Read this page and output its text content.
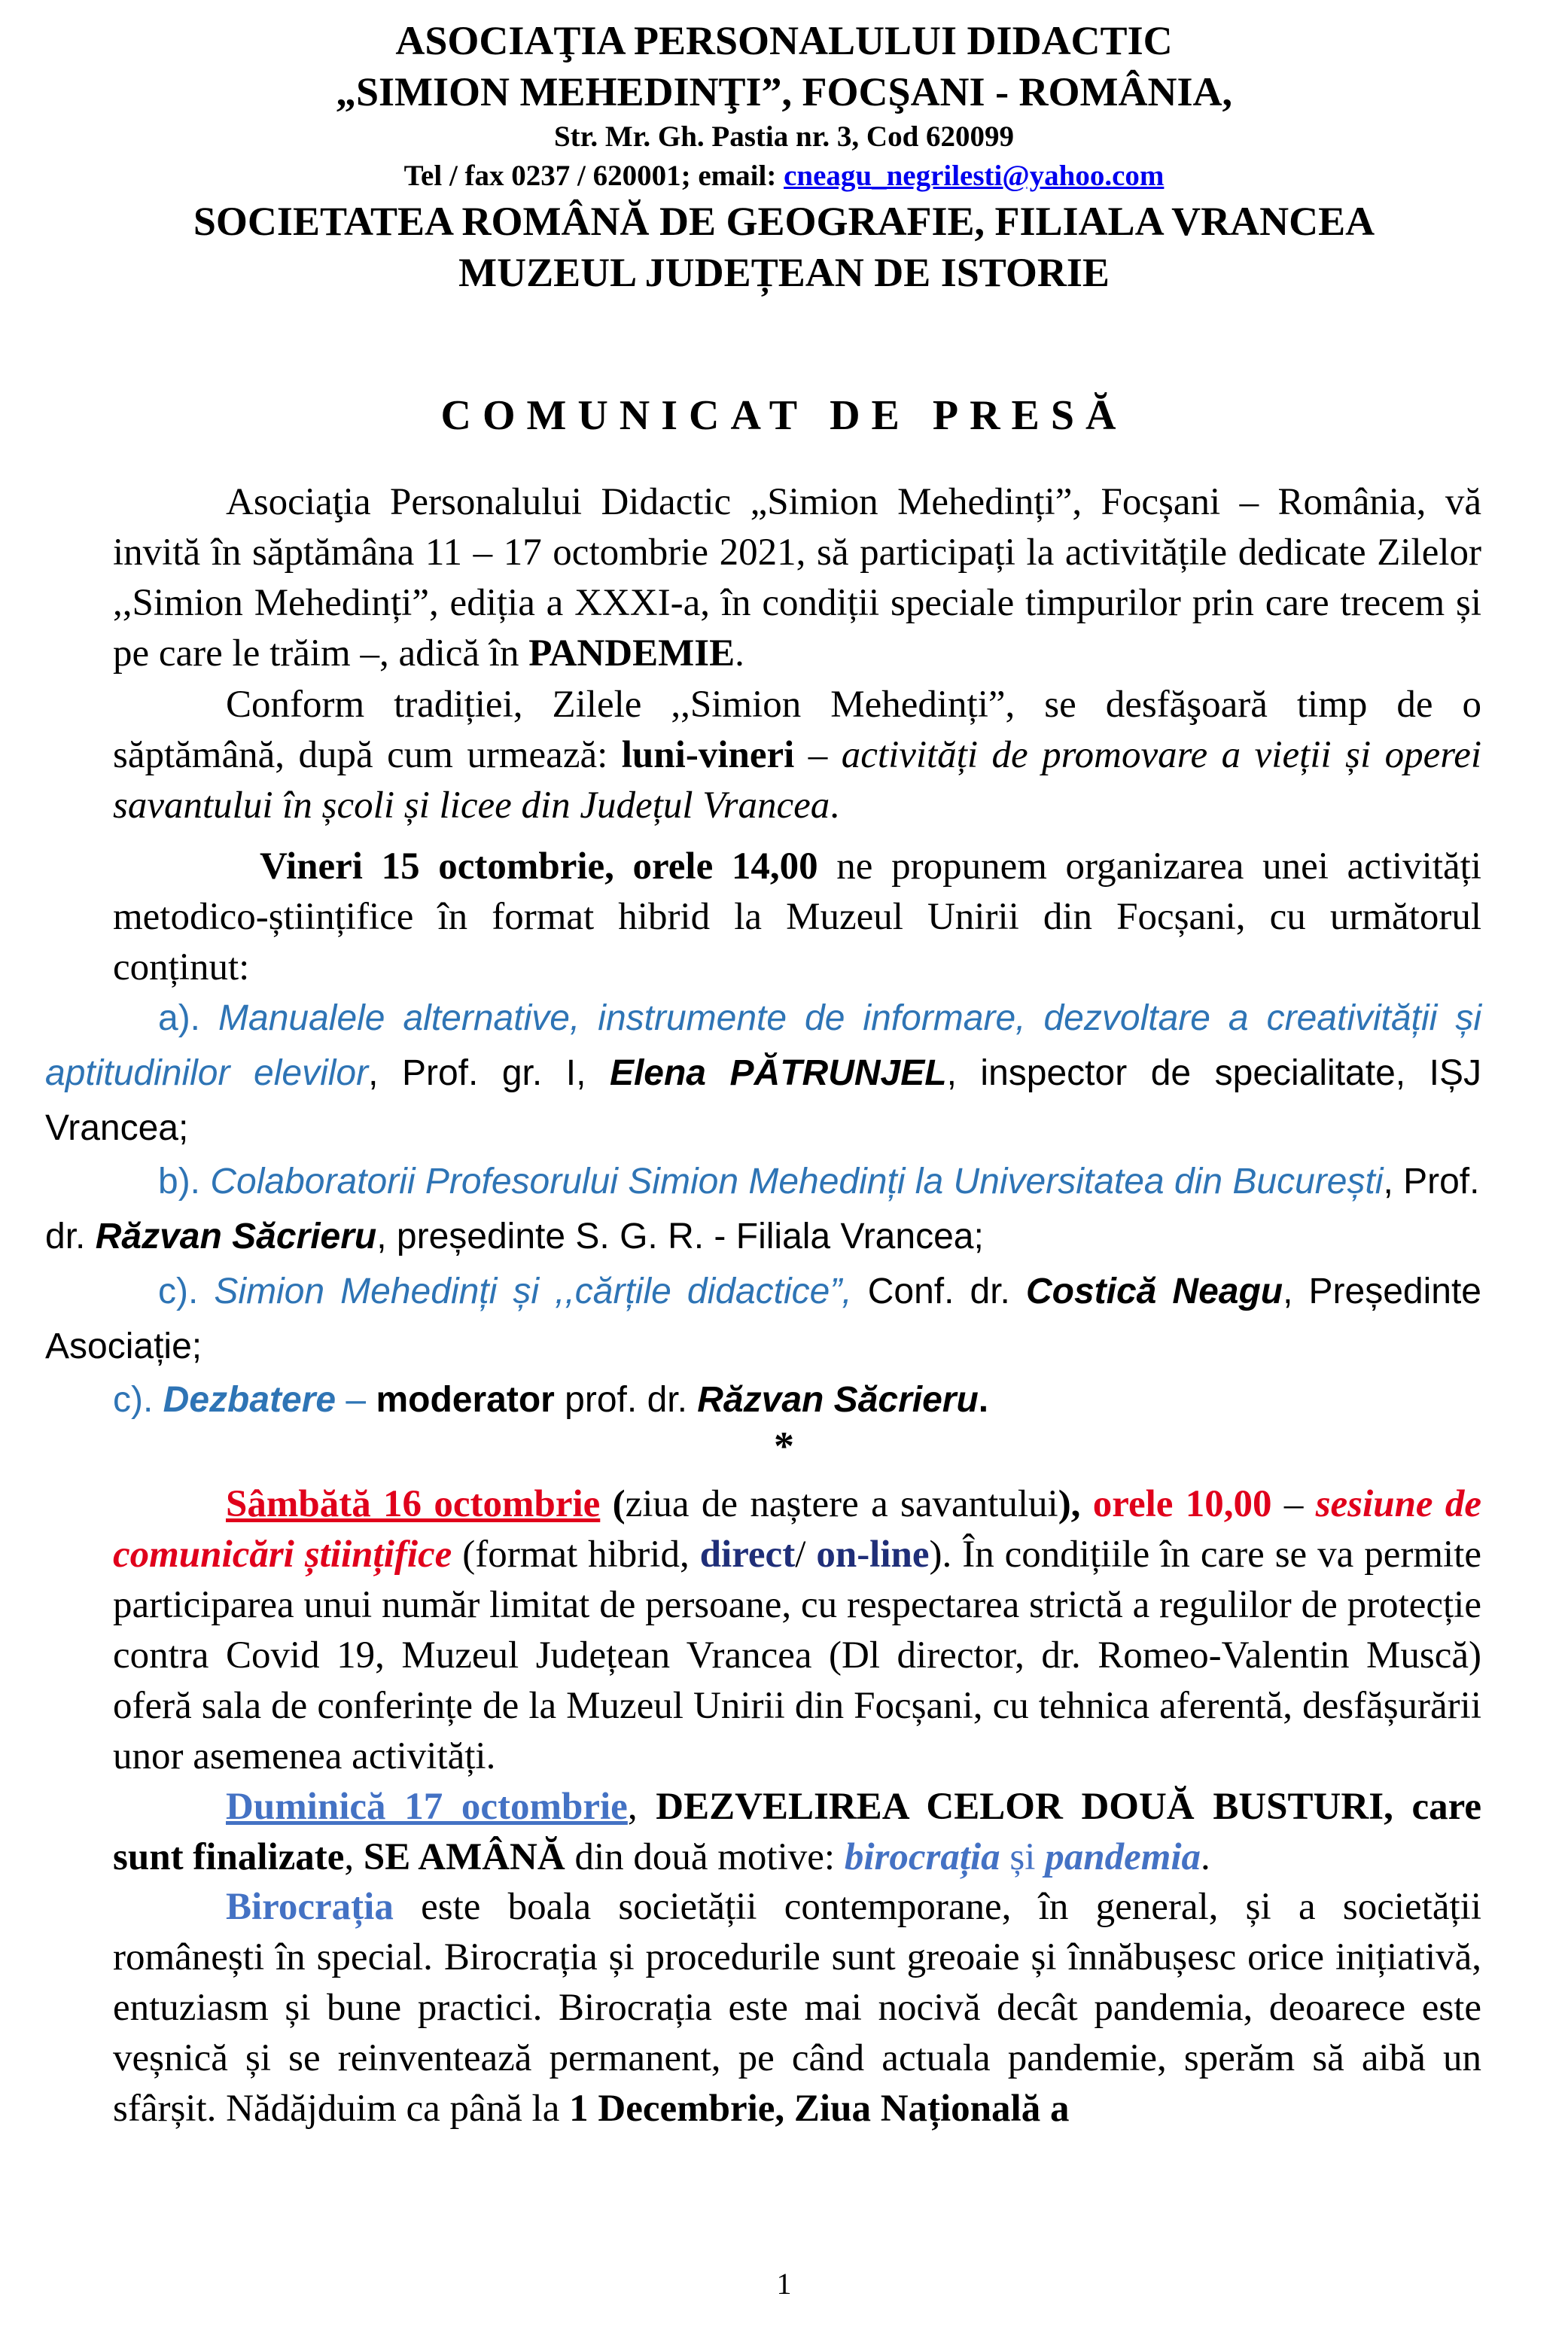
ASOCIAŢIA PERSONALULUI DIDACTIC

„SIMION MEHEDINŢI”, FOCŞANI - ROMÂNIA,

Str. Mr. Gh. Pastia nr. 3, Cod 620099

Tel / fax 0237 / 620001; email: cneagu_negrilesti@yahoo.com

SOCIETATEA ROMÂNĂ DE GEOGRAFIE, FILIALA VRANCEA

MUZEUL JUDEȚEAN DE ISTORIE

COMUNICAT DE PRESĂ

Asociaţia Personalului Didactic „Simion Mehedinți”, Focșani – România, vă invită în săptămâna 11 – 17 octombrie 2021, să participați la activitățile dedicate Zilelor ,,Simion Mehedinți”, ediția a XXXI-a, în condiții speciale timpurilor prin care trecem și pe care le trăim –, adică în PANDEMIE.

Conform tradiției, Zilele ,,Simion Mehedinți”, se desfăşoară timp de o săptămână, după cum urmează: luni-vineri – activități de promovare a vieții și operei savantului în școli și licee din Județul Vrancea.

Vineri 15 octombrie, orele 14,00 ne propunem organizarea unei activități metodico-științifice în format hibrid la Muzeul Unirii din Focșani, cu următorul conținut:

a). Manualele alternative, instrumente de informare, dezvoltare a creativității și aptitudinilor elevilor, Prof. gr. I, Elena PĂTRUNJEL, inspector de specialitate, IȘJ Vrancea;

b). Colaboratorii Profesorului Simion Mehedinți la Universitatea din București, Prof. dr. Răzvan Săcrieru, președinte S. G. R. - Filiala Vrancea;

c). Simion Mehedinți și ,,cărțile didactice”, Conf. dr. Costică Neagu, Președinte Asociație;

c). Dezbatere – moderator prof. dr. Răzvan Săcrieru.

*

Sâmbătă 16 octombrie (ziua de naștere a savantului), orele 10,00 – sesiune de comunicări științifice (format hibrid, direct/ on-line). În condițiile în care se va permite participarea unui număr limitat de persoane, cu respectarea strictă a regulilor de protecție contra Covid 19, Muzeul Județean Vrancea (Dl director, dr. Romeo-Valentin Muscă) oferă sala de conferințe de la Muzeul Unirii din Focșani, cu tehnica aferentă, desfășurării unor asemenea activități.

Duminică 17 octombrie, DEZVELIREA CELOR DOUĂ BUSTURI, care sunt finalizate, SE AMÂNĂ din două motive: birocrația și pandemia.

Birocrația este boala societății contemporane, în general, și a societății românești în special. Birocrația și procedurile sunt greoaie și înnăbușesc orice inițiativă, entuziasm și bune practici. Birocrația este mai nocivă decât pandemia, deoarece este veșnică și se reinventează permanent, pe când actuala pandemie, sperăm să aibă un sfârșit. Nădăjduim ca până la 1 Decembrie, Ziua Națională a

1
